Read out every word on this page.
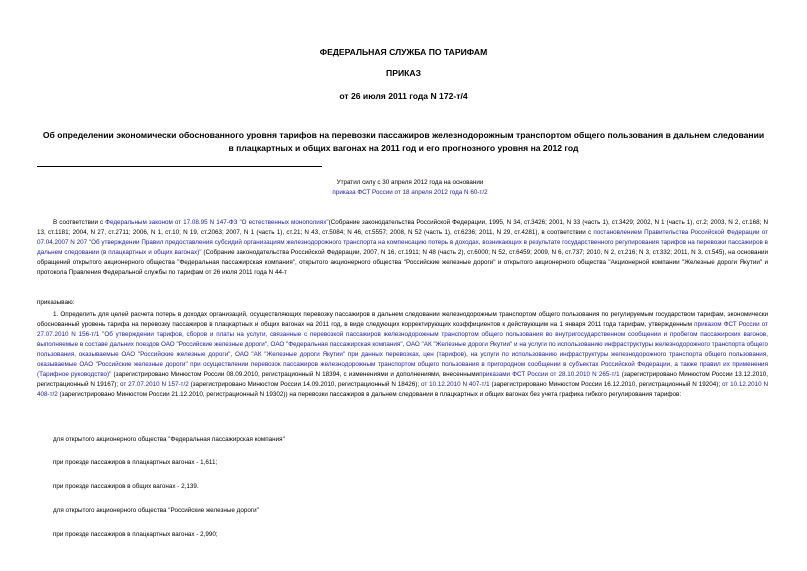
ФЕДЕРАЛЬНАЯ СЛУЖБА ПО ТАРИФАМ
ПРИКАЗ
от 26 июля 2011 года N 172-т/4
Об определении экономически обоснованного уровня тарифов на перевозки пассажиров железнодорожным транспортом общего пользования в дальнем следовании в плацкартных и общих вагонах на 2011 год и его прогнозного уровня на 2012 год
Утратил силу с 30 апреля 2012 года на основании
приказа ФСТ России от 18 апреля 2012 года N 60-т/2

В соответствии с Федеральным законом от 17.08.95 N 147-ФЗ "О естественных монополиях"(Собрание законодательства Российской Федерации, 1995, N 34, ст.3426; 2001, N 33 (часть 1), ст.3429; 2002, N 1 (часть 1), ст.2; 2003, N 2, ст.168; N 13, ст.1181; 2004, N 27, ст.2711; 2006, N 1, ст.10; N 19, ст.2063; 2007, N 1 (часть 1), ст.21; N 43, ст.5084; N 46, ст.5557; 2008, N 52 (часть 1), ст.6236; 2011, N 29, ст.4281), в соответствии с постановлением Правительства Российской Федерации от 07.04.2007 N 207 "Об утверждении Правил предоставления субсидий организациям железнодорожного транспорта на компенсацию потерь в доходах, возникающих в результате государственного регулирования тарифов на перевозки пассажиров в дальнем следовании (в плацкартных и общих вагонах)" (Собрание законодательства Российской Федерации, 2007, N 16, ст.1911; N 48 (часть 2), ст.6000; N 52, ст.6459; 2009, N 6, ст.737; 2010, N 2, ст.216; N 3, ст.332; 2011, N 3, ст.545), на основании обращений открытого акционерного общества "Федеральная пассажирская компания", открытого акционерного общества "Российские железные дороги" и открытого акционерного общества "Акционерной компании "Железные дороги Якутии" и протокола Правления Федеральной службы по тарифам от 26 июля 2011 года N 44-т

приказываю:

1. Определить для целей расчета потерь в доходах организаций, осуществляющих перевозку пассажиров в дальнем следовании железнодорожным транспортом общего пользования по регулируемым государством тарифам, экономически обоснованный уровень тарифа на перевозку пассажиров в плацкартных и общих вагонах на 2011 год, в виде следующих корректирующих коэффициентов к действующим на 1 января 2011 года тарифам, утвержденным приказом ФСТ России от 27.07.2010 N 156-т/1 "Об утверждении тарифов, сборов и платы на услуги, связанные с перевозкой пассажиров железнодорожным транспортом общего пользования во внутригосударственном сообщении и пробегом пассажирских вагонов, выполняемые в составе дальних поездов ОАО "Российские железные дороги", ОАО "Федеральная пассажирская компания", ОАО "АК "Железные дороги Якутии" и на услуги по использованию инфраструктуры железнодорожного транспорта общего пользования, оказываемые ОАО "Российские железные дороги", ОАО "АК "Железные дороги Якутии" при данных перевозках, цен (тарифов), на услуги по использованию инфраструктуры железнодорожного транспорта общего пользования, оказываемые ОАО "Российские железные дороги" при осуществлении перевозок пассажиров железнодорожным транспортом общего пользования в пригородном сообщении в субъектах Российской Федерации, а также правил их применения (Тарифное руководство)" (зарегистрировано Минюстом России 08.09.2010, регистрационный N 18394, с изменениями и дополнениями, внесеннымиприказами ФСТ России от 28.10.2010 N 265-т/1 (зарегистрировано Минюстом России 13.12.2010, регистрационный N 19167); от 27.07.2010 N 157-т/2 (зарегистрировано Минюстом России 14.09.2010, регистрационный N 18426); от 10.12.2010 N 407-т/1 (зарегистрировано Минюстом России 16.12.2010, регистрационный N 19204); от 10.12.2010 N 408-т/2 (зарегистрировано Минюстом России 21.12.2010, регистрационный N 19302)) на перевозки пассажиров в дальнем следовании в плацкартных и общих вагонах без учета графика гибкого регулирования тарифов:

для открытого акционерного общества "Федеральная пассажирская компания"
при проезде пассажиров в плацкартных вагонах - 1,611;
при проезде пассажиров в общих вагонах - 2,139.
для открытого акционерного общества "Российские железные дороги"
при проезде пассажиров в плацкартных вагонах - 2,990;
